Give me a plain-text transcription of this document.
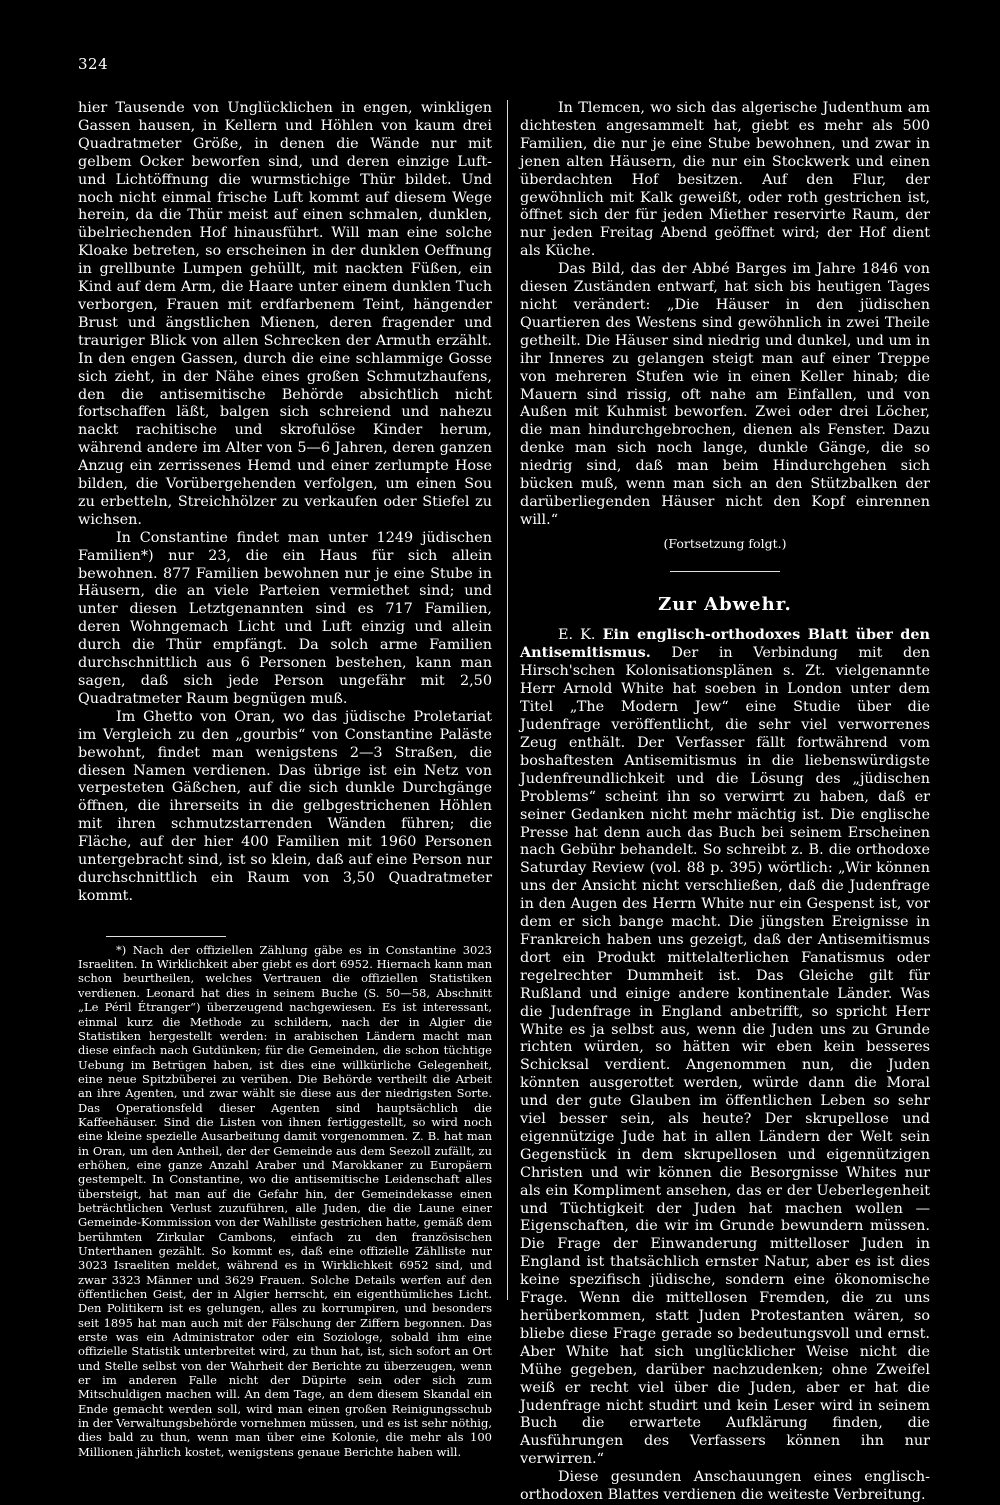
324

hier Tausende von Unglücklichen in engen, winkligen Gassen hausen, in Kellern und Höhlen von kaum drei Quadratmeter Größe, in denen die Wände nur mit gelbem Ocker beworfen sind, und deren einzige Luft- und Lichtöffnung die wurmstichige Thür bildet. Und noch nicht einmal frische Luft kommt auf diesem Wege herein, da die Thür meist auf einen schmalen, dunklen, übelriechenden Hof hinausführt. Will man eine solche Kloake betreten, so erscheinen in der dunklen Oeffnung in grellbunte Lumpen gehüllt, mit nackten Füßen, ein Kind auf dem Arm, die Haare unter einem dunklen Tuch verborgen, Frauen mit erdfarbenem Teint, hängender Brust und ängstlichen Mienen, deren fragender und trauriger Blick von allen Schrecken der Armuth erzählt. In den engen Gassen, durch die eine schlammige Gosse sich zieht, in der Nähe eines großen Schmutzhaufens, den die antisemitische Behörde absichtlich nicht fortschaffen läßt, balgen sich schreiend und nahezu nackt rachitische und skrofulöse Kinder herum, während andere im Alter von 5—6 Jahren, deren ganzen Anzug ein zerrissenes Hemd und einer zerlumpte Hose bilden, die Vorübergehenden verfolgen, um einen Sou zu erbetteln, Streichhölzer zu verkaufen oder Stiefel zu wichsen.

In Constantine findet man unter 1249 jüdischen Familien*) nur 23, die ein Haus für sich allein bewohnen. 877 Familien bewohnen nur je eine Stube in Häusern, die an viele Parteien vermiethet sind; und unter diesen Letztgenannten sind es 717 Familien, deren Wohngemach Licht und Luft einzig und allein durch die Thür empfängt. Da solch arme Familien durchschnittlich aus 6 Personen bestehen, kann man sagen, daß sich jede Person ungefähr mit 2,50 Quadratmeter Raum begnügen muß.

Im Ghetto von Oran, wo das jüdische Proletariat im Vergleich zu den „gourbis“ von Constantine Paläste bewohnt, findet man wenigstens 2—3 Straßen, die diesen Namen verdienen. Das übrige ist ein Netz von verpesteten Gäßchen, auf die sich dunkle Durchgänge öffnen, die ihrerseits in die gelbgestrichenen Höhlen mit ihren schmutzstarrenden Wänden führen; die Fläche, auf der hier 400 Familien mit 1960 Personen untergebracht sind, ist so klein, daß auf eine Person nur durchschnittlich ein Raum von 3,50 Quadratmeter kommt.

*) Nach der offiziellen Zählung gäbe es in Constantine 3023 Israeliten. In Wirklichkeit aber giebt es dort 6952. Hiernach kann man schon beurtheilen, welches Vertrauen die offiziellen Statistiken verdienen. Leonard hat dies in seinem Buche (S. 50—58, Abschnitt „Le Péril Étranger“) überzeugend nachgewiesen. Es ist interessant, einmal kurz die Methode zu schildern, nach der in Algier die Statistiken hergestellt werden: in arabischen Ländern macht man diese einfach nach Gutdünken; für die Gemeinden, die schon tüchtige Uebung im Betrügen haben, ist dies eine willkürliche Gelegenheit, eine neue Spitzbüberei zu verüben. Die Behörde vertheilt die Arbeit an ihre Agenten, und zwar wählt sie diese aus der niedrigsten Sorte. Das Operationsfeld dieser Agenten sind hauptsächlich die Kaffeehäuser. Sind die Listen von ihnen fertiggestellt, so wird noch eine kleine spezielle Ausarbeitung damit vorgenommen. Z. B. hat man in Oran, um den Antheil, der der Gemeinde aus dem Seezoll zufällt, zu erhöhen, eine ganze Anzahl Araber und Marokkaner zu Europäern gestempelt. In Constantine, wo die antisemitische Leidenschaft alles übersteigt, hat man auf die Gefahr hin, der Gemeindekasse einen beträchtlichen Verlust zuzuführen, alle Juden, die die Laune einer Gemeinde-Kommission von der Wahlliste gestrichen hatte, gemäß dem berühmten Zirkular Cambons, einfach zu den französischen Unterthanen gezählt. So kommt es, daß eine offizielle Zählliste nur 3023 Israeliten meldet, während es in Wirklichkeit 6952 sind, und zwar 3323 Männer und 3629 Frauen. Solche Details werfen auf den öffentlichen Geist, der in Algier herrscht, ein eigenthümliches Licht. Den Politikern ist es gelungen, alles zu korrumpiren, und besonders seit 1895 hat man auch mit der Fälschung der Ziffern begonnen. Das erste was ein Administrator oder ein Soziologe, sobald ihm eine offizielle Statistik unterbreitet wird, zu thun hat, ist, sich sofort an Ort und Stelle selbst von der Wahrheit der Berichte zu überzeugen, wenn er im anderen Falle nicht der Düpirte sein oder sich zum Mitschuldigen machen will. An dem Tage, an dem diesem Skandal ein Ende gemacht werden soll, wird man einen großen Reinigungsschub in der Verwaltungsbehörde vornehmen müssen, und es ist sehr nöthig, dies bald zu thun, wenn man über eine Kolonie, die mehr als 100 Millionen jährlich kostet, wenigstens genaue Berichte haben will.

In Tlemcen, wo sich das algerische Judenthum am dichtesten angesammelt hat, giebt es mehr als 500 Familien, die nur je eine Stube bewohnen, und zwar in jenen alten Häusern, die nur ein Stockwerk und einen überdachten Hof besitzen. Auf den Flur, der gewöhnlich mit Kalk geweißt, oder roth gestrichen ist, öffnet sich der für jeden Miether reservirte Raum, der nur jeden Freitag Abend geöffnet wird; der Hof dient als Küche.

Das Bild, das der Abbé Barges im Jahre 1846 von diesen Zuständen entwarf, hat sich bis heutigen Tages nicht verändert: „Die Häuser in den jüdischen Quartieren des Westens sind gewöhnlich in zwei Theile getheilt. Die Häuser sind niedrig und dunkel, und um in ihr Inneres zu gelangen steigt man auf einer Treppe von mehreren Stufen wie in einen Keller hinab; die Mauern sind rissig, oft nahe am Einfallen, und von Außen mit Kuhmist beworfen. Zwei oder drei Löcher, die man hindurchgebrochen, dienen als Fenster. Dazu denke man sich noch lange, dunkle Gänge, die so niedrig sind, daß man beim Hindurchgehen sich bücken muß, wenn man sich an den Stützbalken der darüberliegenden Häuser nicht den Kopf einrennen will.“

(Fortsetzung folgt.)

Zur Abwehr.

E. K. Ein englisch-orthodoxes Blatt über den Antisemitismus. Der in Verbindung mit den Hirsch'schen Kolonisationsplänen s. Zt. vielgenannte Herr Arnold White hat soeben in London unter dem Titel „The Modern Jew“ eine Studie über die Judenfrage veröffentlicht, die sehr viel verworrenes Zeug enthält. Der Verfasser fällt fortwährend vom boshaftesten Antisemitismus in die liebenswürdigste Judenfreundlichkeit und die Lösung des „jüdischen Problems“ scheint ihn so verwirrt zu haben, daß er seiner Gedanken nicht mehr mächtig ist. Die englische Presse hat denn auch das Buch bei seinem Erscheinen nach Gebühr behandelt. So schreibt z. B. die orthodoxe Saturday Review (vol. 88 p. 395) wörtlich: „Wir können uns der Ansicht nicht verschließen, daß die Judenfrage in den Augen des Herrn White nur ein Gespenst ist, vor dem er sich bange macht. Die jüngsten Ereignisse in Frankreich haben uns gezeigt, daß der Antisemitismus dort ein Produkt mittelalterlichen Fanatismus oder regelrechter Dummheit ist. Das Gleiche gilt für Rußland und einige andere kontinentale Länder. Was die Judenfrage in England anbetrifft, so spricht Herr White es ja selbst aus, wenn die Juden uns zu Grunde richten würden, so hätten wir eben kein besseres Schicksal verdient. Angenommen nun, die Juden könnten ausgerottet werden, würde dann die Moral und der gute Glauben im öffentlichen Leben so sehr viel besser sein, als heute? Der skrupellose und eigennützige Jude hat in allen Ländern der Welt sein Gegenstück in dem skrupellosen und eigennützigen Christen und wir können die Besorgnisse Whites nur als ein Kompliment ansehen, das er der Ueberlegenheit und Tüchtigkeit der Juden hat machen wollen — Eigenschaften, die wir im Grunde bewundern müssen. Die Frage der Einwanderung mittelloser Juden in England ist thatsächlich ernster Natur, aber es ist dies keine spezifisch jüdische, sondern eine ökonomische Frage. Wenn die mittellosen Fremden, die zu uns herüberkommen, statt Juden Protestanten wären, so bliebe diese Frage gerade so bedeutungsvoll und ernst. Aber White hat sich unglücklicher Weise nicht die Mühe gegeben, darüber nachzudenken; ohne Zweifel weiß er recht viel über die Juden, aber er hat die Judenfrage nicht studirt und kein Leser wird in seinem Buch die erwartete Aufklärung finden, die Ausführungen des Verfassers können ihn nur verwirren.“

Diese gesunden Anschauungen eines englisch-orthodoxen Blattes verdienen die weiteste Verbreitung.
